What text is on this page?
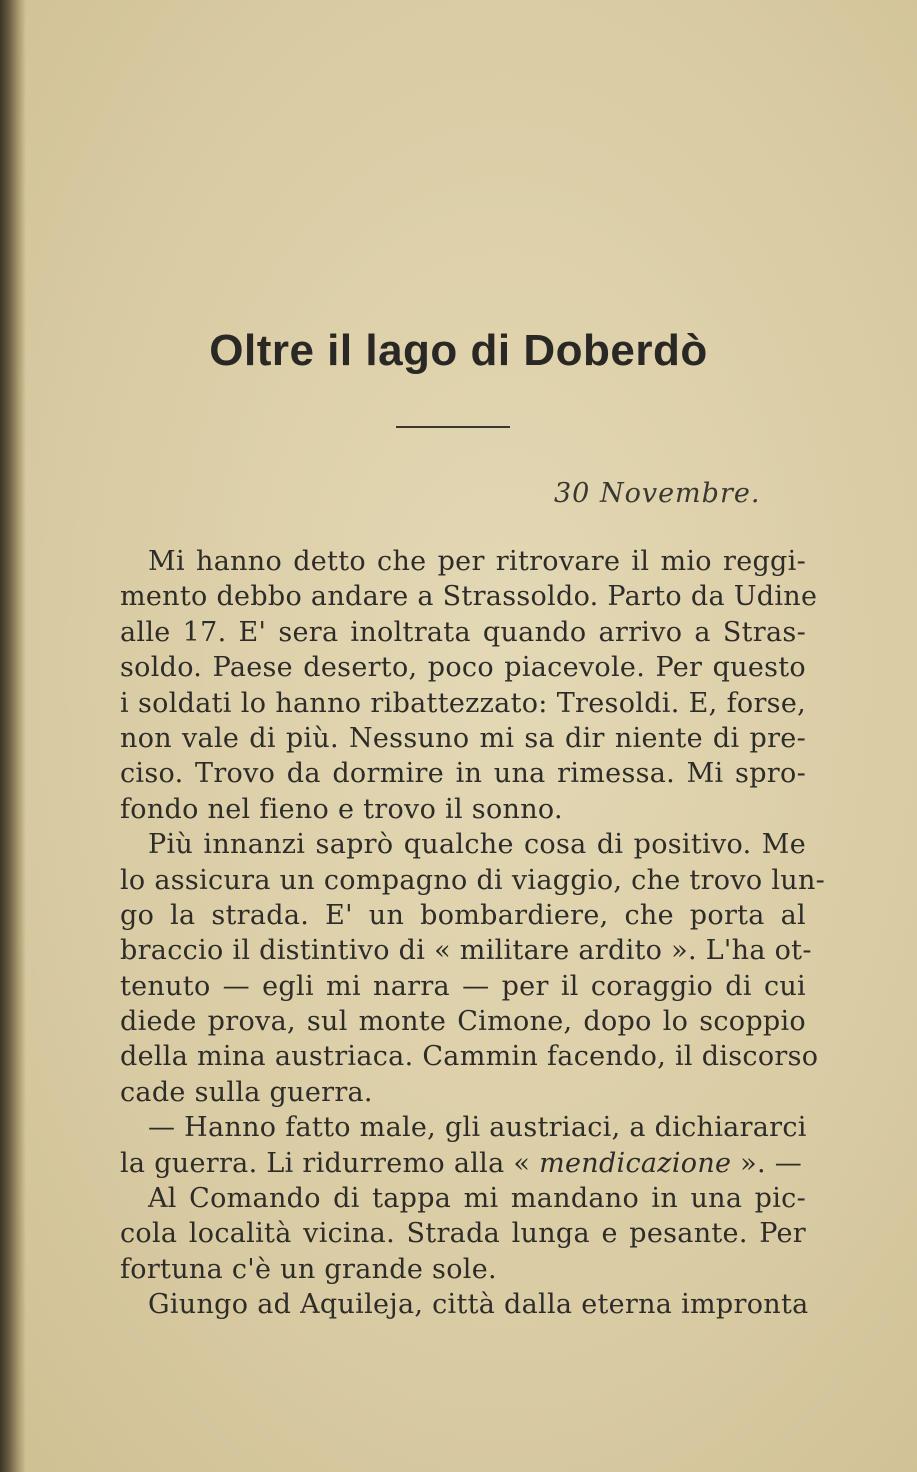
Oltre il lago di Doberdò
30 Novembre.
Mi hanno detto che per ritrovare il mio reggi-
mento debbo andare a Strassoldo. Parto da Udine
alle 17. E' sera inoltrata quando arrivo a Stras-
soldo. Paese deserto, poco piacevole. Per questo
i soldati lo hanno ribattezzato: Tresoldi. E, forse,
non vale di più. Nessuno mi sa dir niente di pre-
ciso. Trovo da dormire in una rimessa. Mi spro-
fondo nel fieno e trovo il sonno.
Più innanzi saprò qualche cosa di positivo. Me
lo assicura un compagno di viaggio, che trovo lun-
go la strada. E' un bombardiere, che porta al
braccio il distintivo di « militare ardito ». L'ha ot-
tenuto — egli mi narra — per il coraggio di cui
diede prova, sul monte Cimone, dopo lo scoppio
della mina austriaca. Cammin facendo, il discorso
cade sulla guerra.
— Hanno fatto male, gli austriaci, a dichiararci
la guerra. Li ridurremo alla « mendicazione ». —
Al Comando di tappa mi mandano in una pic-
cola località vicina. Strada lunga e pesante. Per
fortuna c'è un grande sole.
Giungo ad Aquileja, città dalla eterna impronta
